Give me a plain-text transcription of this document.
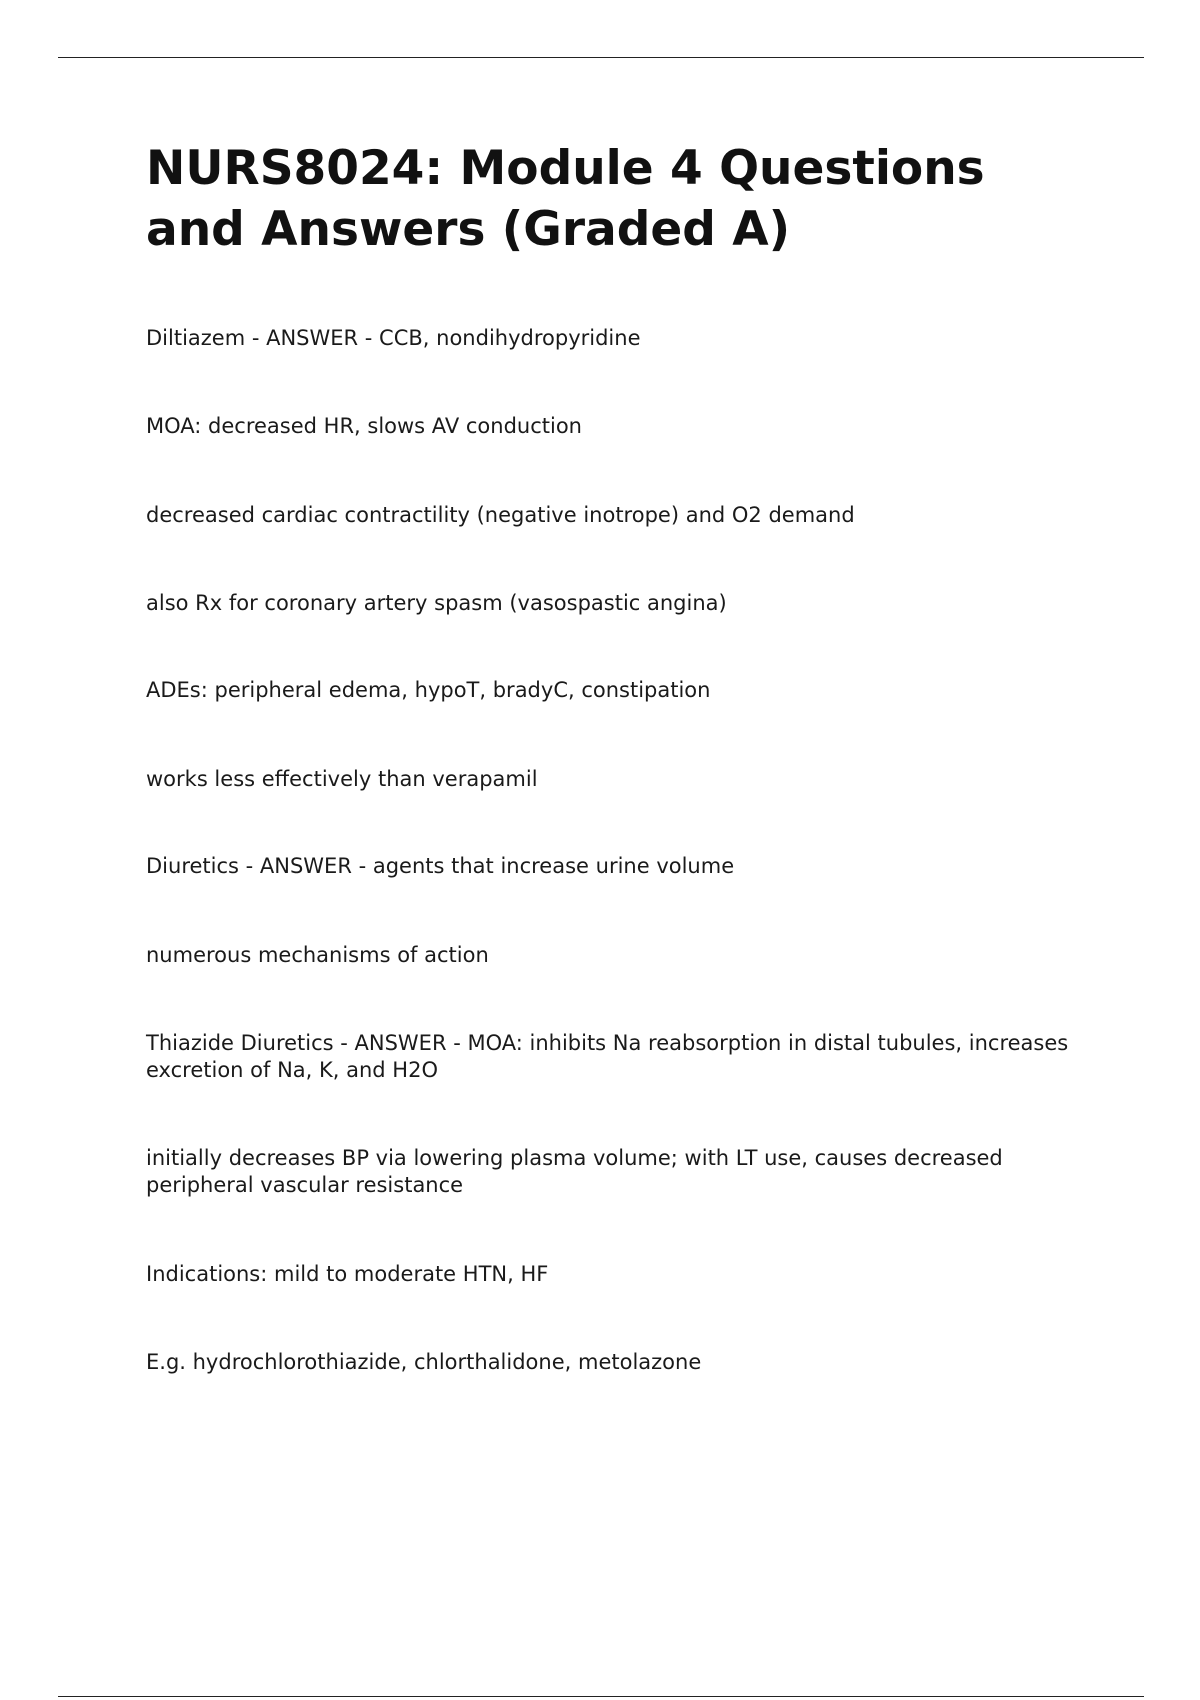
NURS8024: Module 4 Questions and Answers (Graded A)

Diltiazem - ANSWER - CCB, nondihydropyridine

MOA: decreased HR, slows AV conduction

decreased cardiac contractility (negative inotrope) and O2 demand

also Rx for coronary artery spasm (vasospastic angina)

ADEs: peripheral edema, hypoT, bradyC, constipation

works less effectively than verapamil

Diuretics - ANSWER - agents that increase urine volume

numerous mechanisms of action

Thiazide Diuretics - ANSWER - MOA: inhibits Na reabsorption in distal tubules, increases excretion of Na, K, and H2O

initially decreases BP via lowering plasma volume; with LT use, causes decreased peripheral vascular resistance

Indications: mild to moderate HTN, HF

E.g. hydrochlorothiazide, chlorthalidone, metolazone
